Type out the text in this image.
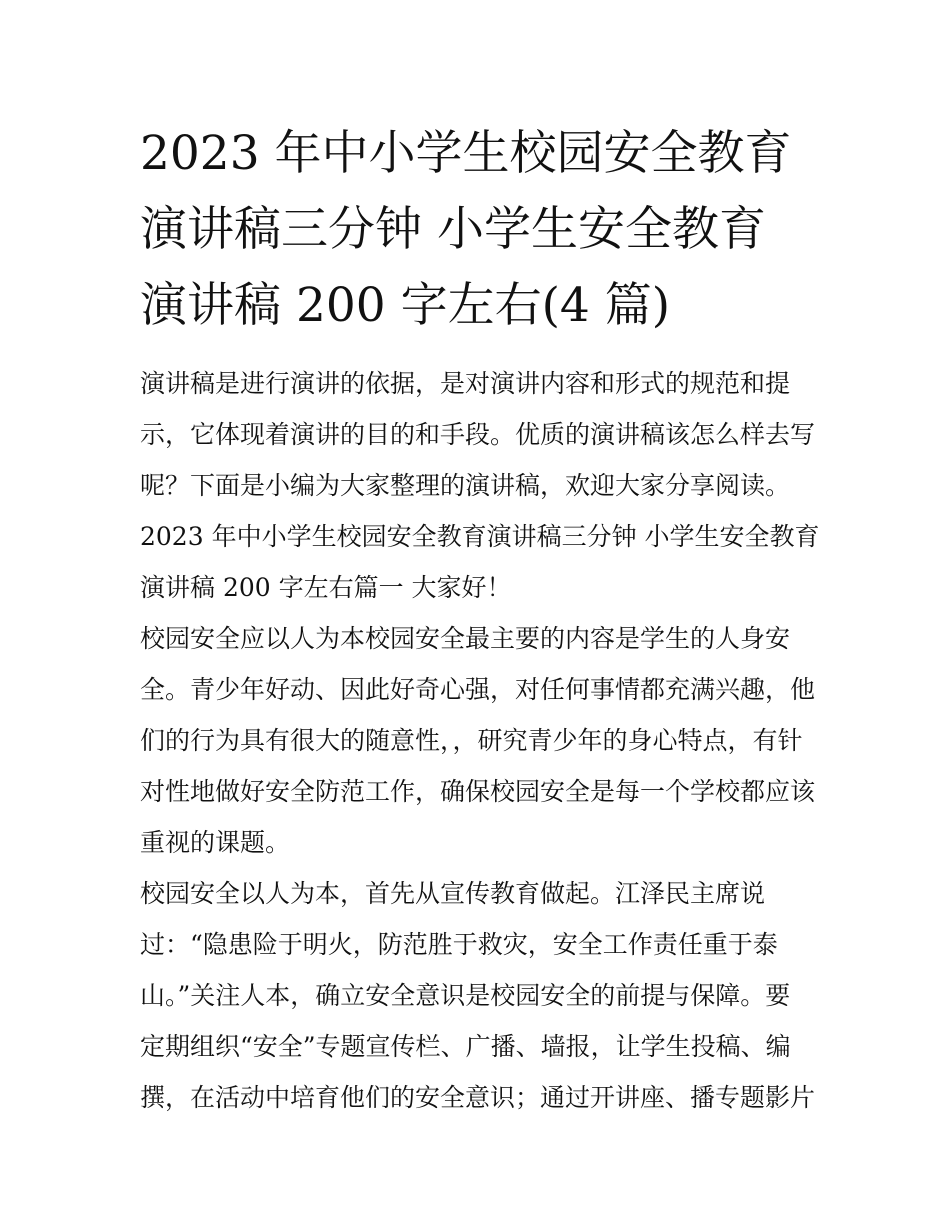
2023 年中小学生校园安全教育
演讲稿三分钟 小学生安全教育
演讲稿 200 字左右(4 篇)
演讲稿是进行演讲的依据，是对演讲内容和形式的规范和提
示，它体现着演讲的目的和手段。优质的演讲稿该怎么样去写
呢？下面是小编为大家整理的演讲稿，欢迎大家分享阅读。
2023 年中小学生校园安全教育演讲稿三分钟 小学生安全教育
演讲稿 200 字左右篇一 大家好！
校园安全应以人为本校园安全最主要的内容是学生的人身安
全。青少年好动、因此好奇心强，对任何事情都充满兴趣，他
们的行为具有很大的随意性，，研究青少年的身心特点，有针
对性地做好安全防范工作，确保校园安全是每一个学校都应该
重视的课题。
校园安全以人为本，首先从宣传教育做起。江泽民主席说
过：“隐患险于明火，防范胜于救灾，安全工作责任重于泰
山。”关注人本，确立安全意识是校园安全的前提与保障。要
定期组织“安全”专题宣传栏、广播、墙报，让学生投稿、编
撰，在活动中培育他们的安全意识；通过开讲座、播专题影片
